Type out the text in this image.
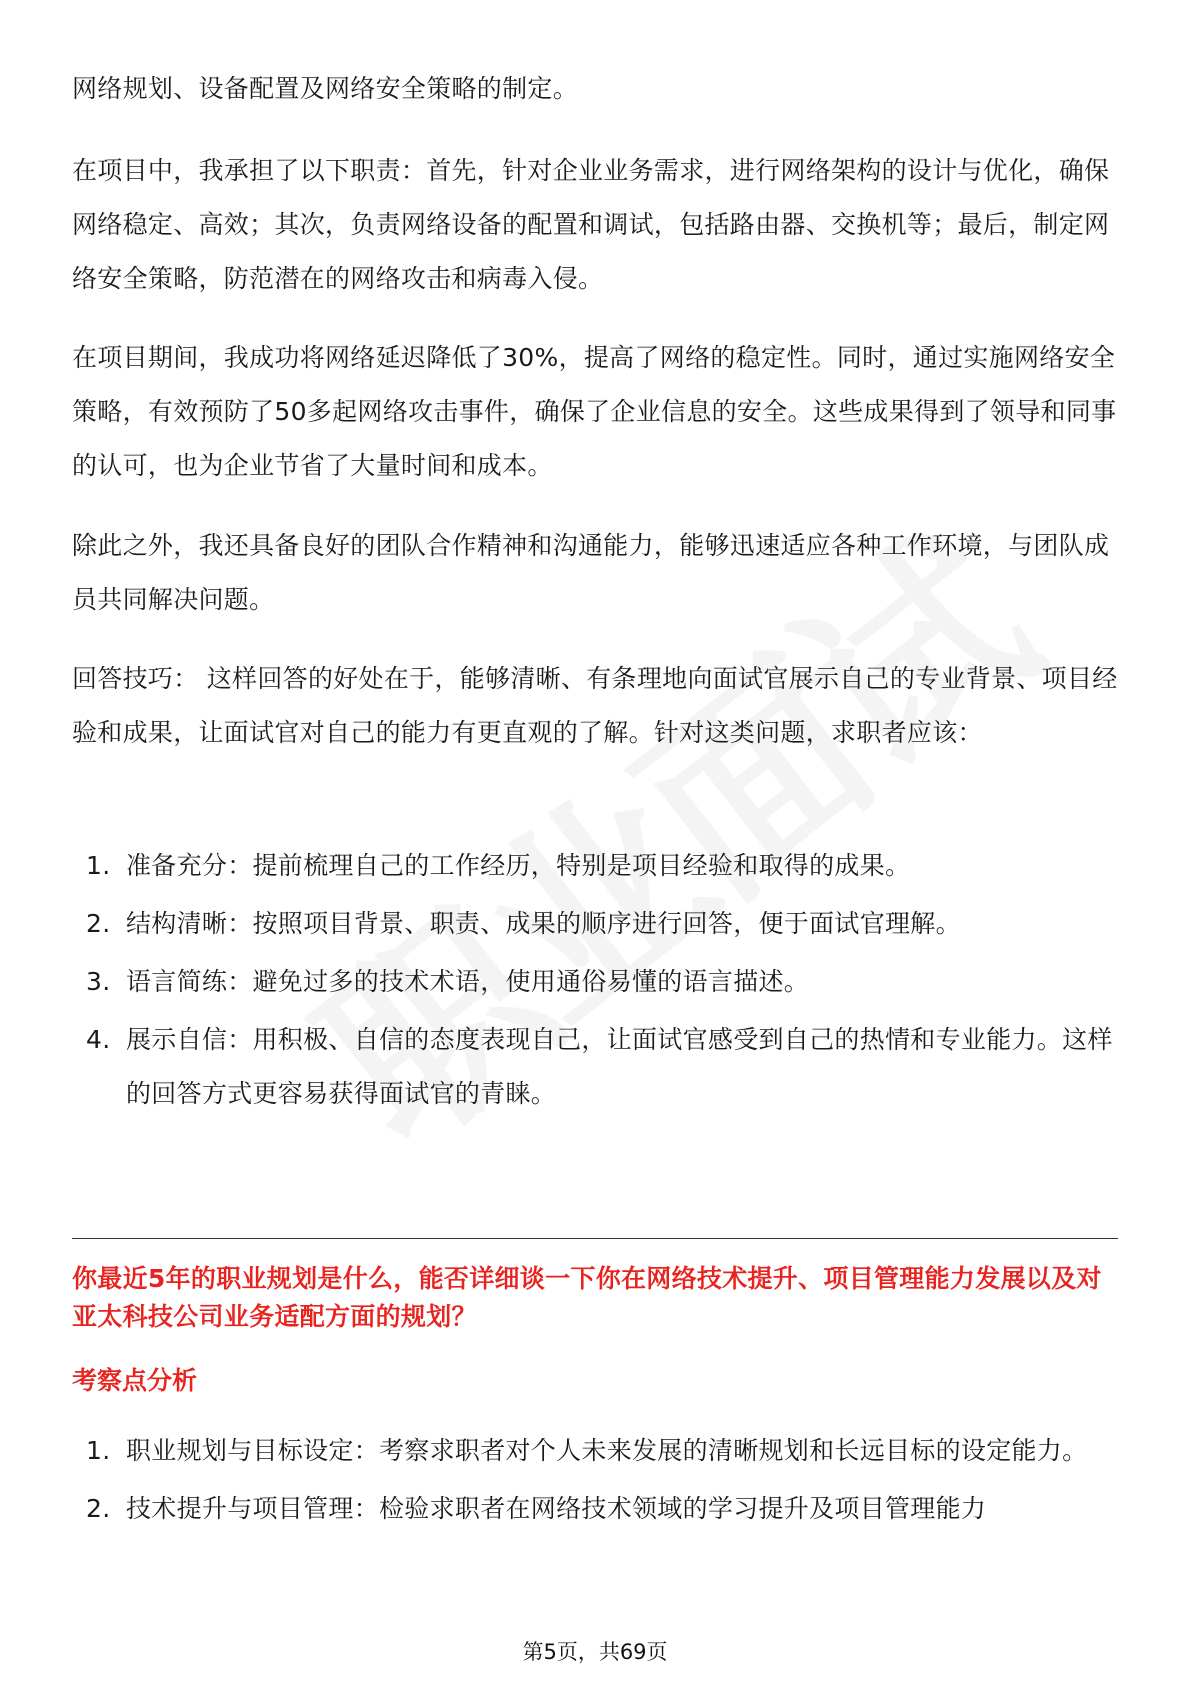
网络规划、设备配置及网络安全策略的制定。

在项目中，我承担了以下职责：首先，针对企业业务需求，进行网络架构的设计与优化，确保网络稳定、高效；其次，负责网络设备的配置和调试，包括路由器、交换机等；最后，制定网络安全策略，防范潜在的网络攻击和病毒入侵。

在项目期间，我成功将网络延迟降低了30%，提高了网络的稳定性。同时，通过实施网络安全策略，有效预防了50多起网络攻击事件，确保了企业信息的安全。这些成果得到了领导和同事的认可，也为企业节省了大量时间和成本。

除此之外，我还具备良好的团队合作精神和沟通能力，能够迅速适应各种工作环境，与团队成员共同解决问题。

回答技巧： 这样回答的好处在于，能够清晰、有条理地向面试官展示自己的专业背景、项目经验和成果，让面试官对自己的能力有更直观的了解。针对这类问题，求职者应该：

1. 准备充分：提前梳理自己的工作经历，特别是项目经验和取得的成果。
2. 结构清晰：按照项目背景、职责、成果的顺序进行回答，便于面试官理解。
3. 语言简练：避免过多的技术术语，使用通俗易懂的语言描述。
4. 展示自信：用积极、自信的态度表现自己，让面试官感受到自己的热情和专业能力。这样的回答方式更容易获得面试官的青睐。

你最近5年的职业规划是什么，能否详细谈一下你在网络技术提升、项目管理能力发展以及对亚太科技公司业务适配方面的规划？

考察点分析

1. 职业规划与目标设定：考察求职者对个人未来发展的清晰规划和长远目标的设定能力。
2. 技术提升与项目管理：检验求职者在网络技术领域的学习提升及项目管理能力
第5页，共69页
